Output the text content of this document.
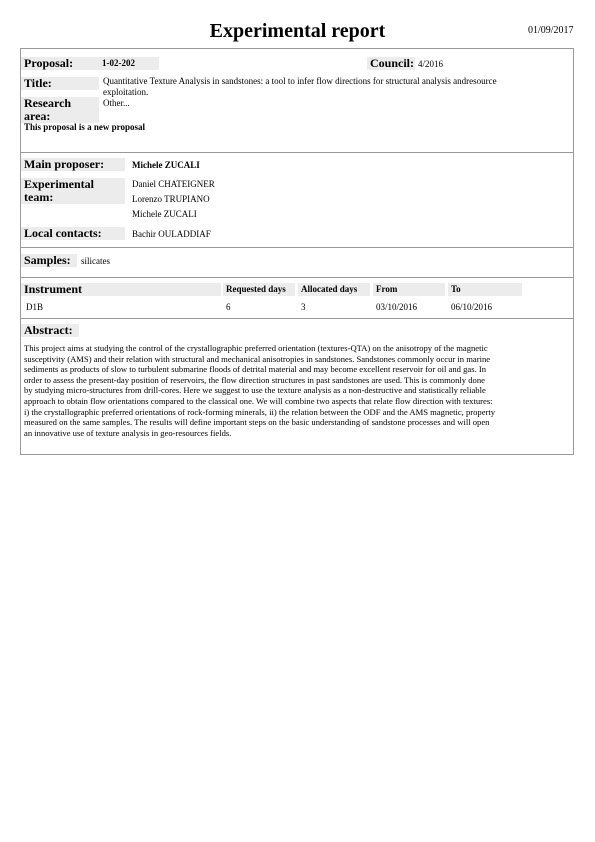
Experimental report	01/09/2017
Proposal:	1-02-202	Council: 4/2016
Title:	Quantitative Texture Analysis in sandstones: a tool to infer flow directions for structural analysis andresource
exploitation.
Research area:
Other...
This proposal is a new proposal
Main proposer:	Michele ZUCALI
Experimental team:
Daniel CHATEIGNER
Lorenzo TRUPIANO
Michele ZUCALI
Local contacts:	Bachir OULADDIAF
Samples:	silicates
Instrument	Requested days	Allocated days	From	To
D1B	6	3	03/10/2016	06/10/2016
Abstract:
This project aims at studying the control of the crystallographic preferred orientation (textures-QTA) on the anisotropy of the magnetic
susceptivity (AMS) and their relation with structural and mechanical anisotropies in sandstones. Sandstones commonly occur in marine
sediments as products of slow to turbulent submarine floods of detrital material and may become excellent reservoir for oil and gas. In
order to assess the present-day position of reservoirs, the flow direction structures in past sandstones are used. This is commonly done
by studying micro-structures from drill-cores. Here we suggest to use the texture analysis as a non-destructive and statistically reliable
approach to obtain flow orientations compared to the classical one. We will combine two aspects that relate flow direction with textures:
i) the crystallographic preferred orientations of rock-forming minerals, ii) the relation between the ODF and the AMS magnetic, property
measured on the same samples. The results will define important steps on the basic understanding of sandstone processes and will open
an innovative use of texture analysis in geo-resources fields.
